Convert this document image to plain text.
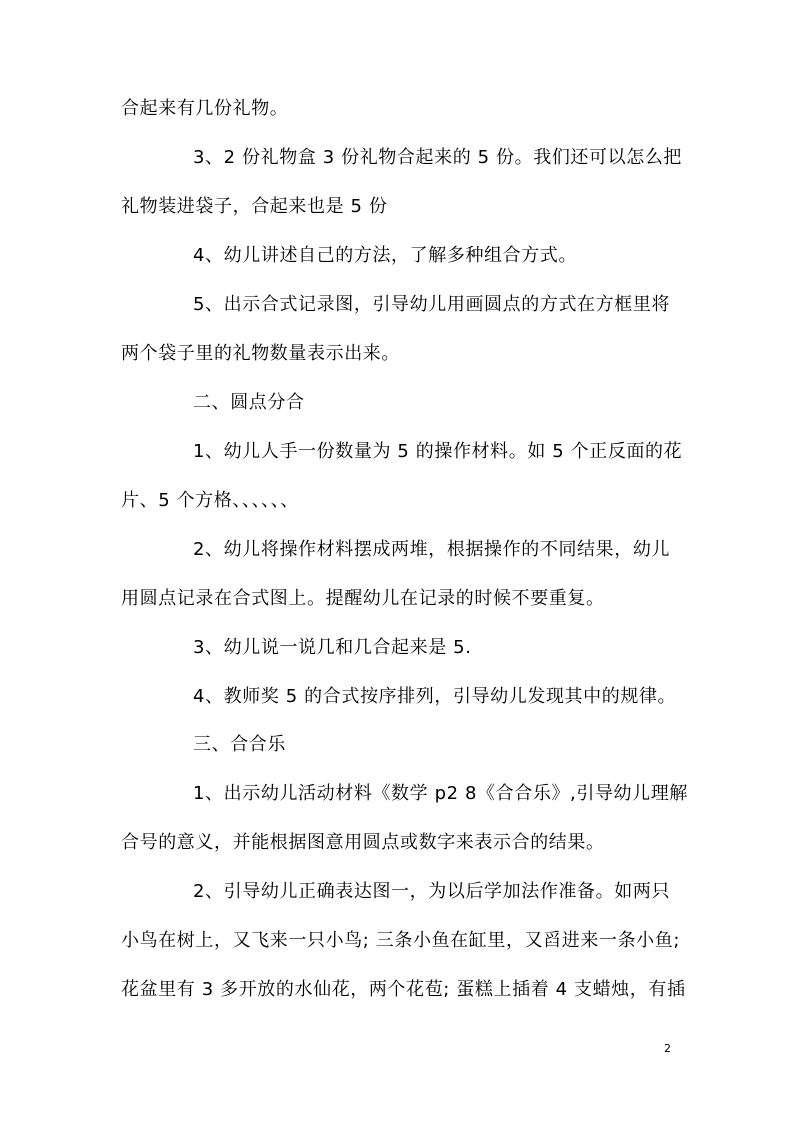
合起来有几份礼物。
3、2 份礼物盒 3 份礼物合起来的 5 份。我们还可以怎么把
礼物装进袋子，合起来也是 5 份
4、幼儿讲述自己的方法，了解多种组合方式。
5、出示合式记录图，引导幼儿用画圆点的方式在方框里将
两个袋子里的礼物数量表示出来。
二、圆点分合
1、幼儿人手一份数量为 5 的操作材料。如 5 个正反面的花
片、5 个方格、、、、、、
2、幼儿将操作材料摆成两堆，根据操作的不同结果，幼儿
用圆点记录在合式图上。提醒幼儿在记录的时候不要重复。
3、幼儿说一说几和几合起来是 5.
4、教师奖 5 的合式按序排列，引导幼儿发现其中的规律。
三、合合乐
1、出示幼儿活动材料《数学 p2 8《合合乐》,引导幼儿理解
合号的意义，并能根据图意用圆点或数字来表示合的结果。
2、引导幼儿正确表达图一，为以后学加法作准备。如两只
小鸟在树上，又飞来一只小鸟; 三条小鱼在缸里，又舀进来一条小鱼;
花盆里有 3 多开放的水仙花，两个花苞; 蛋糕上插着 4 支蜡烛，有插
2
